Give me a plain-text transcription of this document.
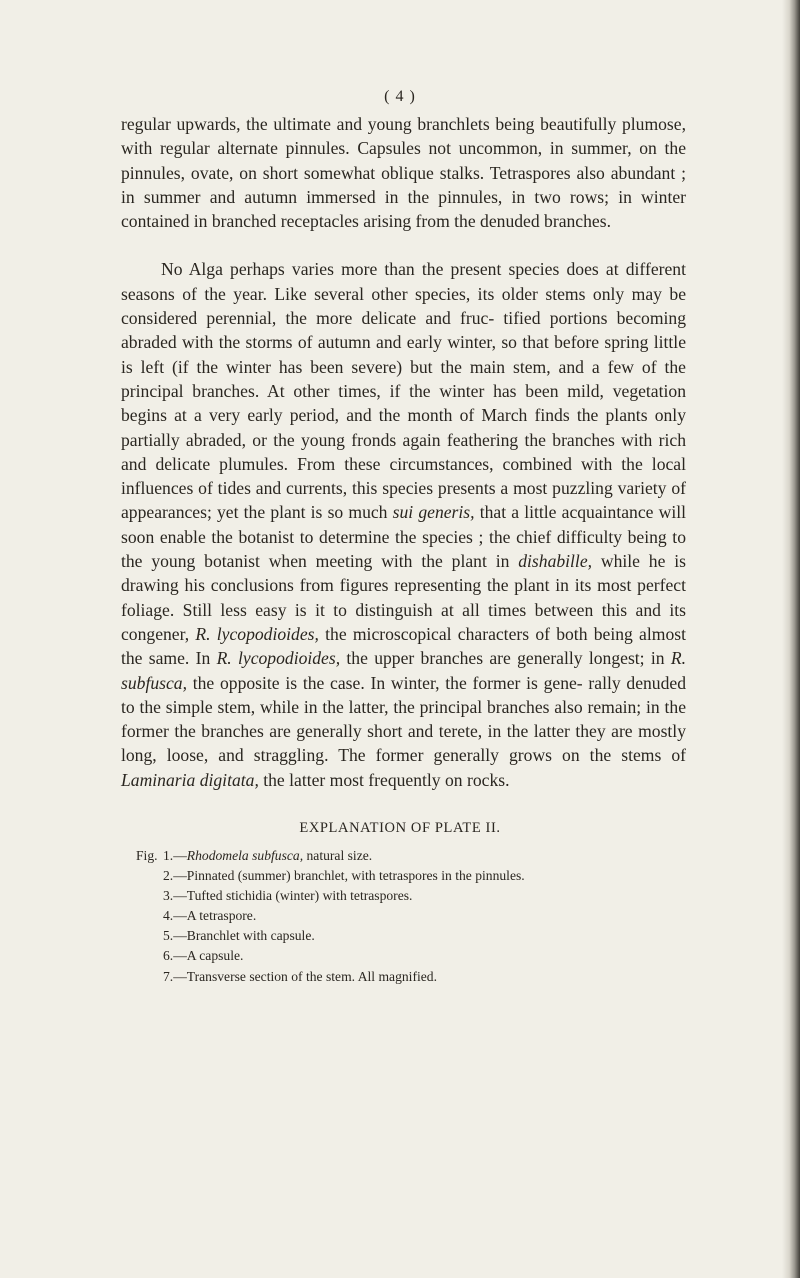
( 4 )

regular upwards, the ultimate and young branchlets being beautifully plumose, with regular alternate pinnules. Capsules not uncommon, in summer, on the pinnules, ovate, on short somewhat oblique stalks. Tetraspores also abundant ; in summer and autumn immersed in the pinnules, in two rows; in winter contained in branched receptacles arising from the denuded branches.

No Alga perhaps varies more than the present species does at different seasons of the year. Like several other species, its older stems only may be considered perennial, the more delicate and fruc- tified portions becoming abraded with the storms of autumn and early winter, so that before spring little is left (if the winter has been severe) but the main stem, and a few of the principal branches. At other times, if the winter has been mild, vegetation begins at a very early period, and the month of March finds the plants only partially abraded, or the young fronds again feathering the branches with rich and delicate plumules. From these circumstances, combined with the local influences of tides and currents, this species presents a most puzzling variety of appearances; yet the plant is so much sui generis, that a little acquaintance will soon enable the botanist to determine the species ; the chief difficulty being to the young botanist when meeting with the plant in dishabille, while he is drawing his conclusions from figures representing the plant in its most perfect foliage. Still less easy is it to distinguish at all times between this and its congener, R. lycopodioides, the microscopical characters of both being almost the same. In R. lycopodioides, the upper branches are generally longest; in R. subfusca, the opposite is the case. In winter, the former is gene- rally denuded to the simple stem, while in the latter, the principal branches also remain; in the former the branches are generally short and terete, in the latter they are mostly long, loose, and straggling. The former generally grows on the stems of Laminaria digitata, the latter most frequently on rocks.

EXPLANATION OF PLATE II.
Fig. 1.—Rhodomela subfusca, natural size.
2.—Pinnated (summer) branchlet, with tetraspores in the pinnules.
3.—Tufted stichidia (winter) with tetraspores.
4.—A tetraspore.
5.—Branchlet with capsule.
6.—A capsule.
7.—Transverse section of the stem. All magnified.
